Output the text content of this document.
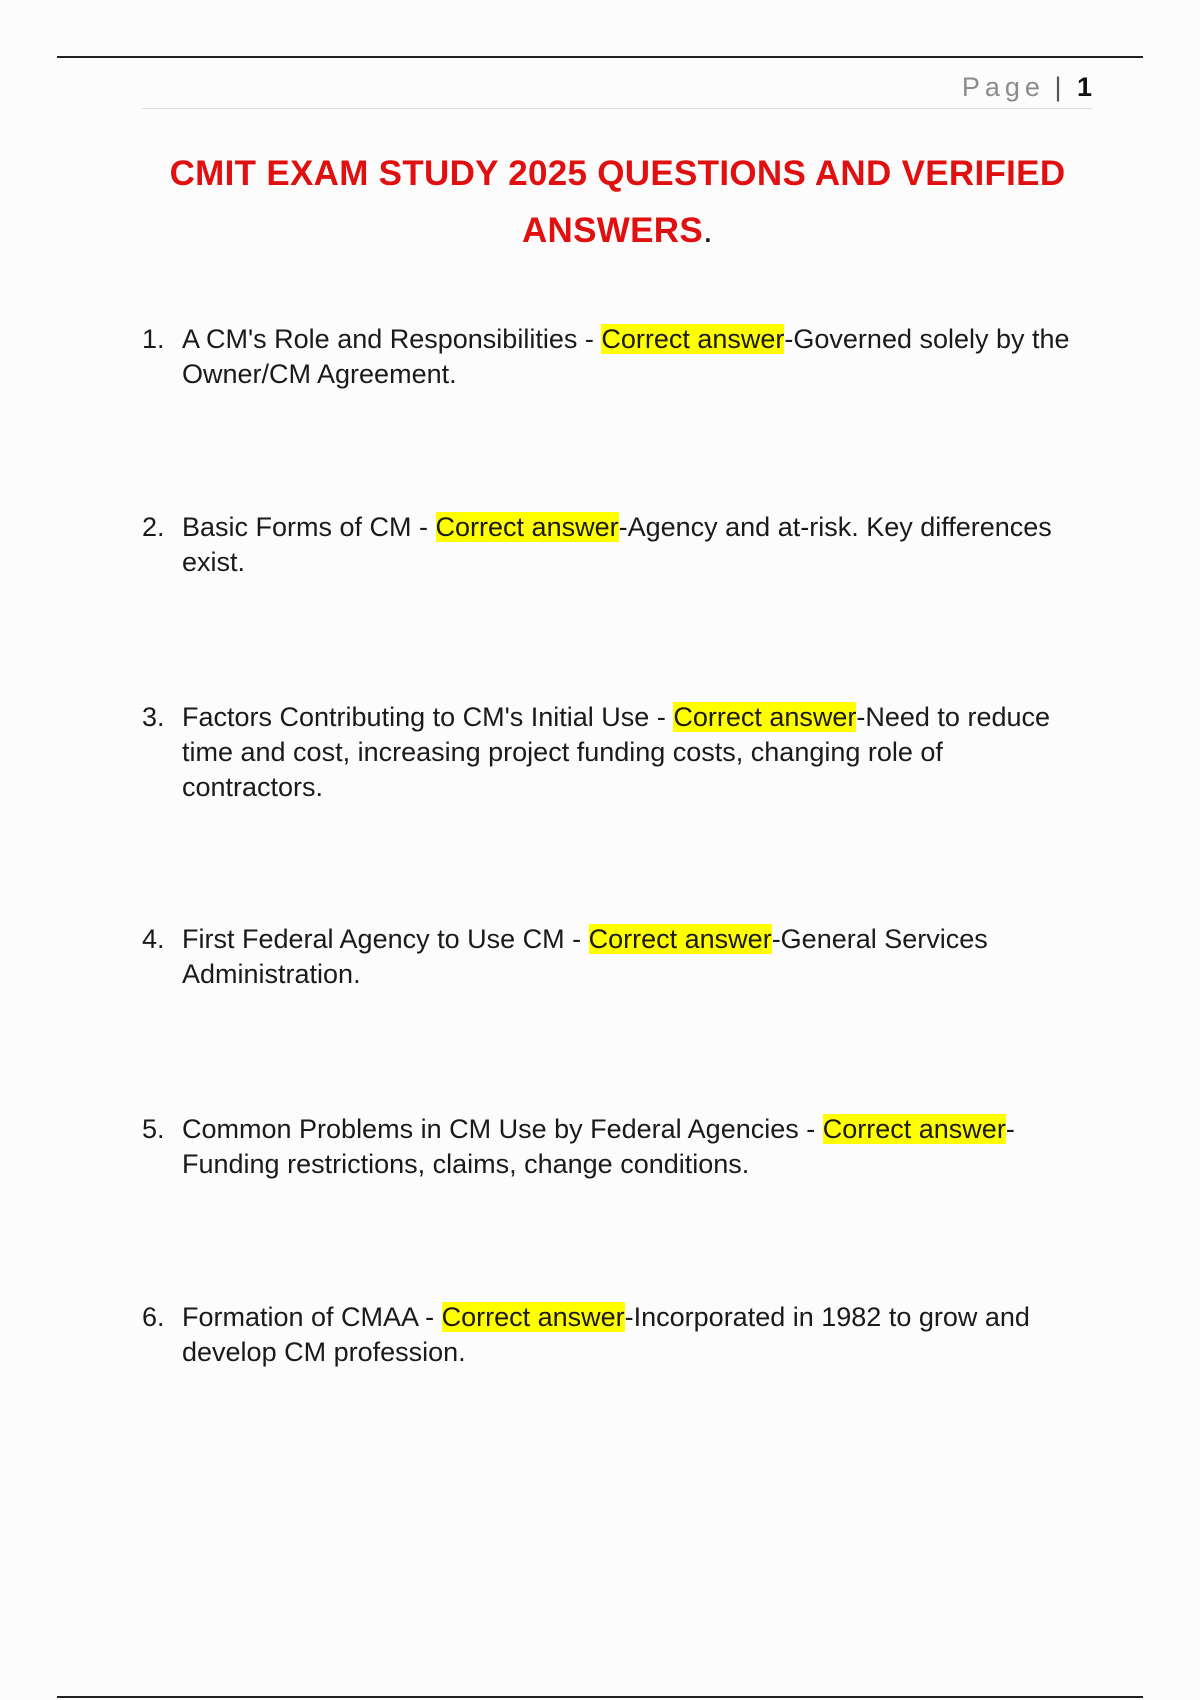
Page | 1
CMIT EXAM STUDY 2025 QUESTIONS AND VERIFIED ANSWERS.
1. A CM's Role and Responsibilities - Correct answer-Governed solely by the Owner/CM Agreement.
2. Basic Forms of CM - Correct answer-Agency and at-risk. Key differences exist.
3. Factors Contributing to CM's Initial Use - Correct answer-Need to reduce time and cost, increasing project funding costs, changing role of contractors.
4. First Federal Agency to Use CM - Correct answer-General Services Administration.
5. Common Problems in CM Use by Federal Agencies - Correct answer-Funding restrictions, claims, change conditions.
6. Formation of CMAA - Correct answer-Incorporated in 1982 to grow and develop CM profession.
